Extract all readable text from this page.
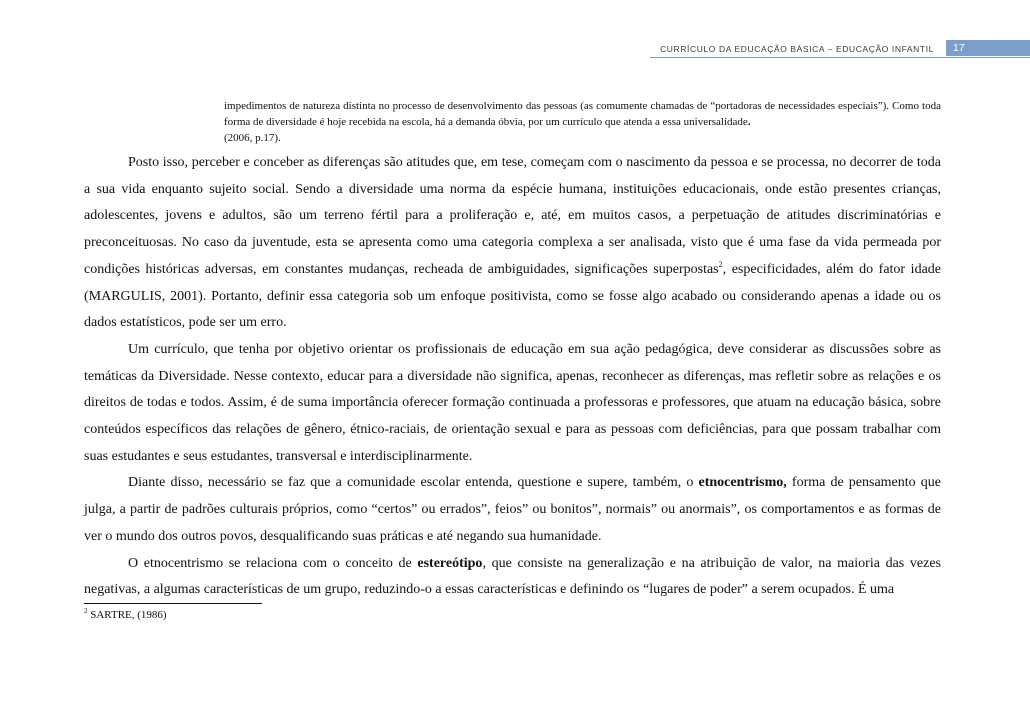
CURRÍCULO DA EDUCAÇÃO BÁSICA – EDUCAÇÃO INFANTIL	17
impedimentos de natureza distinta no processo de desenvolvimento das pessoas (as comumente chamadas de “portadoras de necessidades especiais”). Como toda forma de diversidade é hoje recebida na escola, há a demanda óbvia, por um currículo que atenda a essa universalidade.
(2006, p.17).

Posto isso, perceber e conceber as diferenças são atitudes que, em tese, começam com o nascimento da pessoa e se processa, no decorrer de toda a sua vida enquanto sujeito social. Sendo a diversidade uma norma da espécie humana, instituições educacionais, onde estão presentes crianças, adolescentes, jovens e adultos, são um terreno fértil para a proliferação e, até, em muitos casos, a perpetuação de atitudes discriminatórias e preconceituosas. No caso da juventude, esta se apresenta como uma categoria complexa a ser analisada, visto que é uma fase da vida permeada por condições históricas adversas, em constantes mudanças, recheada de ambiguidades, significações superpostas$^2$, especificidades, além do fator idade (MARGULIS, 2001). Portanto, definir essa categoria sob um enfoque positivista, como se fosse algo acabado ou considerando apenas a idade ou os dados estatísticos, pode ser um erro.

Um currículo, que tenha por objetivo orientar os profissionais de educação em sua ação pedagógica, deve considerar as discussões sobre as temáticas da Diversidade. Nesse contexto, educar para a diversidade não significa, apenas, reconhecer as diferenças, mas refletir sobre as relações e os direitos de todas e todos. Assim, é de suma importância oferecer formação continuada a professoras e professores, que atuam na educação básica, sobre conteúdos específicos das relações de gênero, étnico-raciais, de orientação sexual e para as pessoas com deficiências, para que possam trabalhar com suas estudantes e seus estudantes, transversal e interdisciplinarmente.

Diante disso, necessário se faz que a comunidade escolar entenda, questione e supere, também, o etnocentrismo, forma de pensamento que julga, a partir de padrões culturais próprios, como “certos” ou errados”, feios” ou bonitos”, normais” ou anormais”, os comportamentos e as formas de ver o mundo dos outros povos, desqualificando suas práticas e até negando sua humanidade.

O etnocentrismo se relaciona com o conceito de estereótipo, que consiste na generalização e na atribuição de valor, na maioria das vezes negativas, a algumas características de um grupo, reduzindo-o a essas características e definindo os “lugares de poder” a serem ocupados. É uma

$^2$ SARTRE, (1986)
